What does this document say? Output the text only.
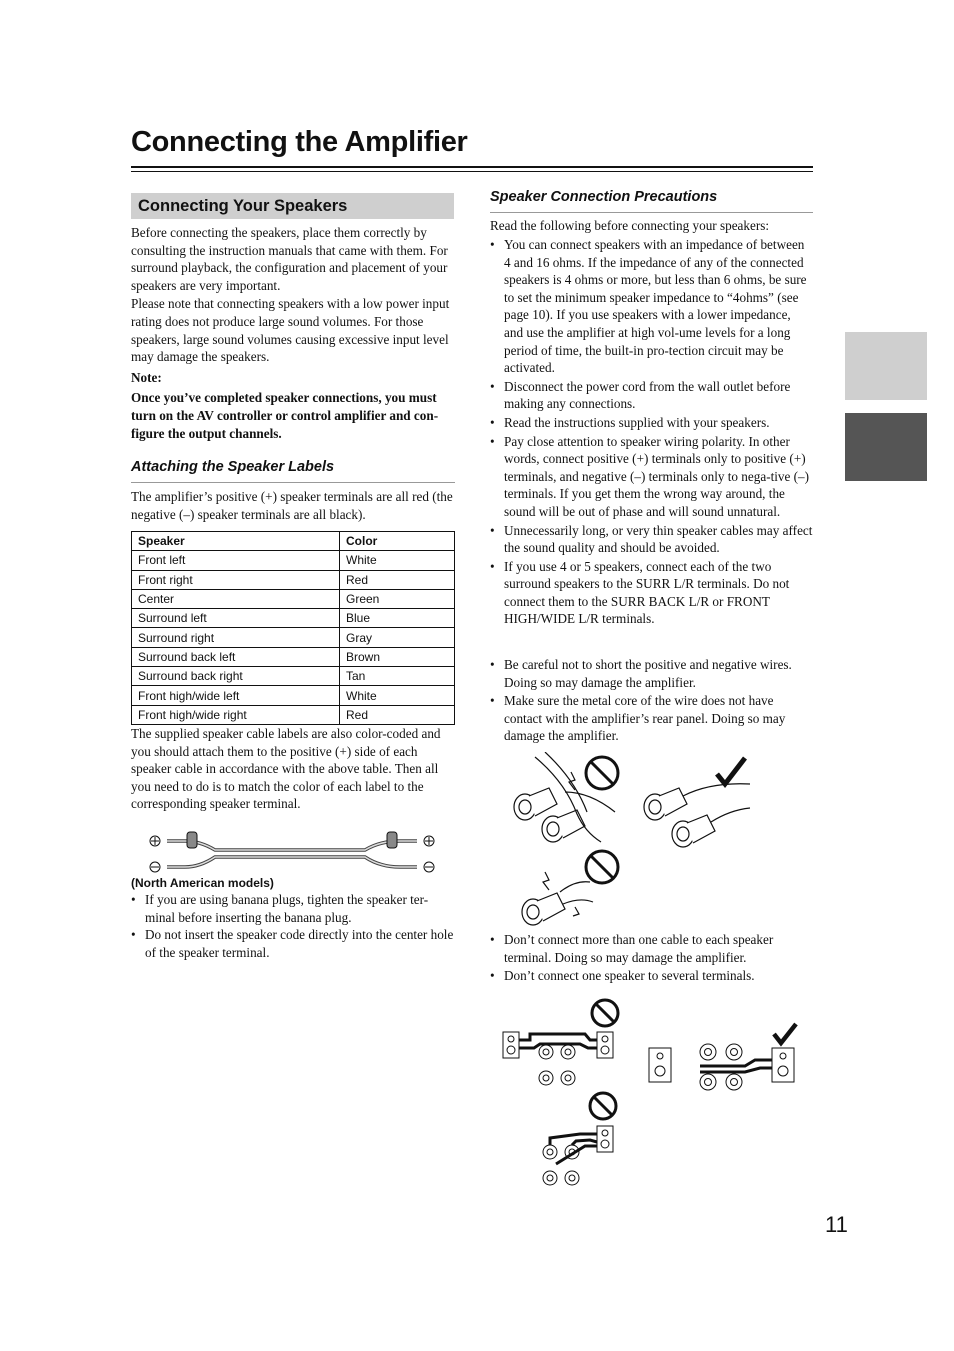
Connecting the Amplifier
Connecting Your Speakers

Before connecting the speakers, place them correctly by consulting the instruction manuals that came with them. For surround playback, the configuration and placement of your speakers are very important.

Please note that connecting speakers with a low power input rating does not produce large sound volumes. For those speakers, large sound volumes causing excessive input level may damage the speakers.

Note:

Once you’ve completed speaker connections, you must turn on the AV controller or control amplifier and con-figure the output channels.

Attaching the Speaker Labels

The amplifier’s positive (+) speaker terminals are all red (the negative (–) speaker terminals are all black).

Speaker	Color
Front left	White
Front right	Red
Center	Green
Surround left	Blue
Surround right	Gray
Surround back left	Brown
Surround back right	Tan
Front high/wide left	White
Front high/wide right	Red

The supplied speaker cable labels are also color-coded and you should attach them to the positive (+) side of each speaker cable in accordance with the above table. Then all you need to do is to match the color of each label to the corresponding speaker terminal.

(North American models)
• If you are using banana plugs, tighten the speaker ter-minal before inserting the banana plug.
• Do not insert the speaker code directly into the center hole of the speaker terminal.
Speaker Connection Precautions

Read the following before connecting your speakers:

• You can connect speakers with an impedance of between 4 and 16 ohms. If the impedance of any of the connected speakers is 4 ohms or more, but less than 6 ohms, be sure to set the minimum speaker impedance to “4ohms” (see page 10). If you use speakers with a lower impedance, and use the amplifier at high vol-ume levels for a long period of time, the built-in pro-tection circuit may be activated.
• Disconnect the power cord from the wall outlet before making any connections.
• Read the instructions supplied with your speakers.
• Pay close attention to speaker wiring polarity. In other words, connect positive (+) terminals only to positive (+) terminals, and negative (–) terminals only to nega-tive (–) terminals. If you get them the wrong way around, the sound will be out of phase and will sound unnatural.
• Unnecessarily long, or very thin speaker cables may affect the sound quality and should be avoided.
• If you use 4 or 5 speakers, connect each of the two surround speakers to the SURR L/R terminals. Do not connect them to the SURR BACK L/R or FRONT HIGH/WIDE L/R terminals.
• Be careful not to short the positive and negative wires. Doing so may damage the amplifier.
• Make sure the metal core of the wire does not have contact with the amplifier’s rear panel. Doing so may damage the amplifier.
• Don’t connect more than one cable to each speaker terminal. Doing so may damage the amplifier.
• Don’t connect one speaker to several terminals.
11
